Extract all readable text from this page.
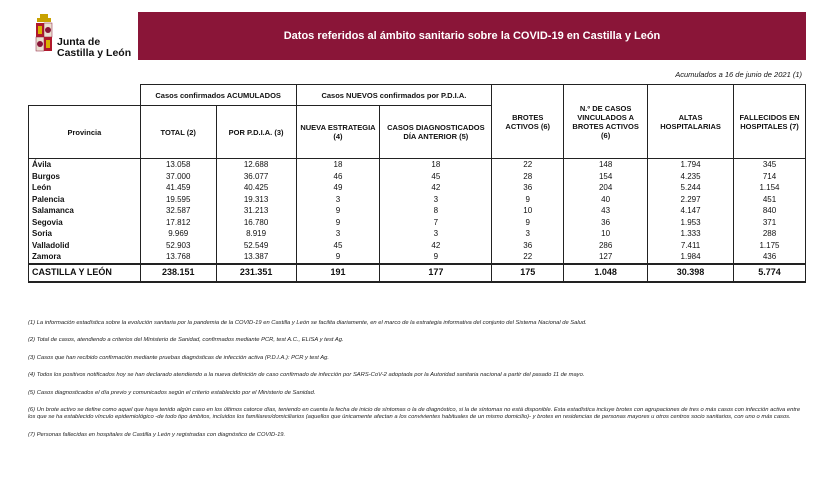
Junta de
Castilla y León
Datos referidos al ámbito sanitario sobre la COVID-19 en Castilla y León
Acumulados a 16 de junio de 2021 (1)
	Casos confirmados ACUMULADOS		Casos NUEVOS confirmados por P.D.I.A.		BROTES ACTIVOS (6)	N.º DE CASOS VINCULADOS A BROTES ACTIVOS (6)	ALTAS HOSPITALARIAS	FALLECIDOS EN HOSPITALES (7)
Provincia	TOTAL (2)	POR P.D.I.A. (3)	NUEVA ESTRATEGIA (4)	CASOS DIAGNOSTICADOS DÍA ANTERIOR (5)				
Ávila	13.058	12.688	18	18	22	148	1.794	345
Burgos	37.000	36.077	46	45	28	154	4.235	714
León	41.459	40.425	49	42	36	204	5.244	1.154
Palencia	19.595	19.313	3	3	9	40	2.297	451
Salamanca	32.587	31.213	9	8	10	43	4.147	840
Segovia	17.812	16.780	9	7	9	36	1.953	371
Soria	9.969	8.919	3	3	3	10	1.333	288
Valladolid	52.903	52.549	45	42	36	286	7.411	1.175
Zamora	13.768	13.387	9	9	22	127	1.984	436
CASTILLA Y LEÓN	238.151	231.351	191	177	175	1.048	30.398	5.774

(1) La información estadística sobre la evolución sanitaria por la pandemia de la COVID-19 en Castilla y León se facilita diariamente, en el marco de la estrategia informativa del conjunto del Sistema Nacional de Salud.

(2) Total de casos, atendiendo a criterios del Ministerio de Sanidad, confirmados mediante PCR, test A.C., ELISA y test Ag.

(3) Casos que han recibido confirmación mediante pruebas diagnósticas de infección activa (P.D.I.A.): PCR y test Ag.

(4) Todos los positivos notificados hoy se han declarado atendiendo a la nueva definición de caso confirmado de infección por SARS-CoV-2 adoptada por la Autoridad sanitaria nacional a partir del pasado 11 de mayo.

(5) Casos diagnosticados el día previo y comunicados según el criterio establecido por el Ministerio de Sanidad.

(6) Un brote activo se define como aquel que haya tenido algún caso en los últimos catorce días, teniendo en cuenta la fecha de inicio de síntomas o la de diagnóstico, si la de síntomas no está disponible. Esta estadística incluye brotes con agrupaciones de tres o más casos con infección activa entre los que se ha establecido vínculo epidemiológico -de todo tipo ámbitos, incluidos los familiares/domiciliarios (aquellos que únicamente afectan a los convivientes habituales de un mismo domicilio)- y brotes en residencias de personas mayores u otros centros socio sanitarios, con uno o más casos.

(7) Personas fallecidas en hospitales de Castilla y León y registradas con diagnóstico de COVID-19.
